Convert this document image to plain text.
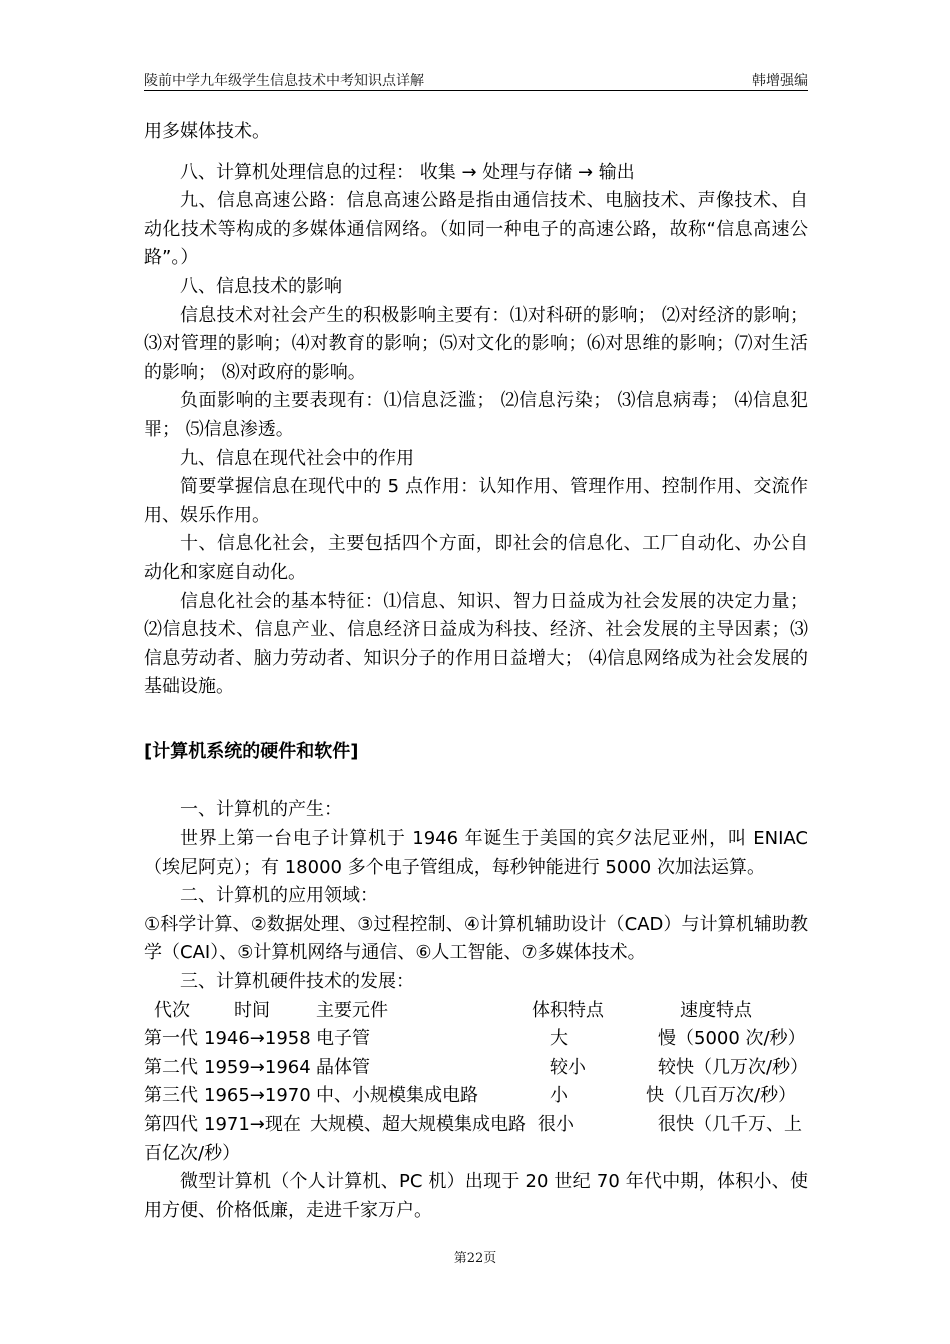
陵前中学九年级学生信息技术中考知识点详解	韩增强编

用多媒体技术。

八、计算机处理信息的过程： 收集 → 处理与存储 → 输出

九、信息高速公路：信息高速公路是指由通信技术、电脑技术、声像技术、自动化技术等构成的多媒体通信网络。（如同一种电子的高速公路，故称“信息高速公路”。）

八、信息技术的影响

信息技术对社会产生的积极影响主要有：⑴对科研的影响； ⑵对经济的影响； ⑶对管理的影响；⑷对教育的影响；⑸对文化的影响；⑹对思维的影响；⑺对生活的影响； ⑻对政府的影响。

负面影响的主要表现有：⑴信息泛滥； ⑵信息污染； ⑶信息病毒； ⑷信息犯罪； ⑸信息渗透。

九、信息在现代社会中的作用

简要掌握信息在现代中的 5 点作用：认知作用、管理作用、控制作用、交流作用、娱乐作用。

十、信息化社会，主要包括四个方面，即社会的信息化、工厂自动化、办公自动化和家庭自动化。

信息化社会的基本特征：⑴信息、知识、智力日益成为社会发展的决定力量；⑵信息技术、信息产业、信息经济日益成为科技、经济、社会发展的主导因素；⑶信息劳动者、脑力劳动者、知识分子的作用日益增大； ⑷信息网络成为社会发展的基础设施。

[计算机系统的硬件和软件]

一、计算机的产生：

世界上第一台电子计算机于 1946 年诞生于美国的宾夕法尼亚州，叫 ENIAC（埃尼阿克）；有 18000 多个电子管组成，每秒钟能进行 5000 次加法运算。

二、计算机的应用领域：

①科学计算、②数据处理、③过程控制、④计算机辅助设计（CAD）与计算机辅助教学（CAI）、⑤计算机网络与通信、⑥人工智能、⑦多媒体技术。

三、计算机硬件技术的发展：

代次 时间	主要元件	体积特点	速度特点
第一代 1946→1958 电子管	大	慢（5000 次/秒）
第二代 1959→1964 晶体管	较小	较快（几万次/秒）
第三代 1965→1970 中、小规模集成电路	小	快（几百万次/秒）
第四代 1971→现在 大规模、超大规模集成电路 很小	很快（几千万、上
百亿次/秒）

微型计算机（个人计算机、PC 机）出现于 20 世纪 70 年代中期，体积小、使用方便、价格低廉，走进千家万户。

第22页
